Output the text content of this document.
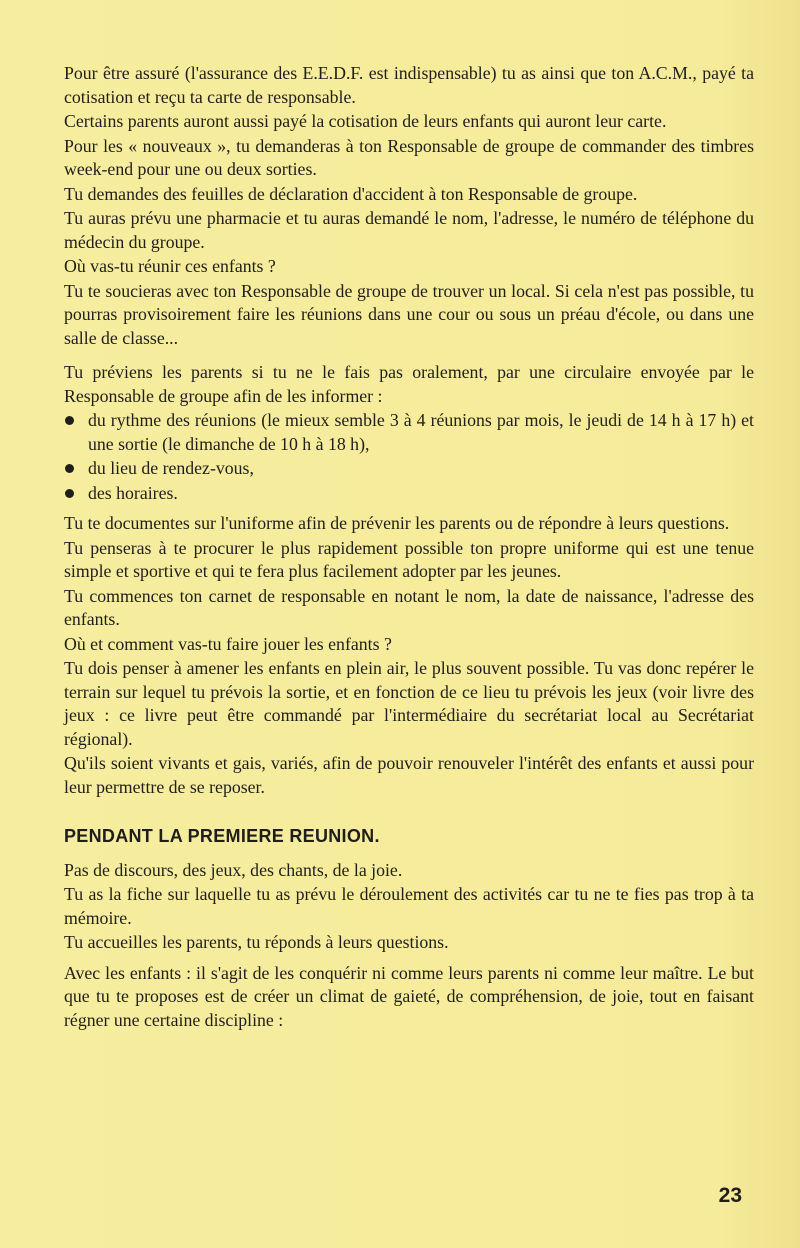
Pour être assuré (l'assurance des E.E.D.F. est indispensable) tu as ainsi que ton A.C.M., payé ta cotisation et reçu ta carte de responsable.

Certains parents auront aussi payé la cotisation de leurs enfants qui auront leur carte.

Pour les « nouveaux », tu demanderas à ton Responsable de groupe de commander des timbres week-end pour une ou deux sorties.

Tu demandes des feuilles de déclaration d'accident à ton Responsable de groupe.

Tu auras prévu une pharmacie et tu auras demandé le nom, l'adresse, le numéro de téléphone du médecin du groupe.

Où vas-tu réunir ces enfants ?

Tu te soucieras avec ton Responsable de groupe de trouver un local. Si cela n'est pas possible, tu pourras provisoirement faire les réunions dans une cour ou sous un préau d'école, ou dans une salle de classe...

Tu préviens les parents si tu ne le fais pas oralement, par une circulaire envoyée par le Responsable de groupe afin de les informer :

du rythme des réunions (le mieux semble 3 à 4 réunions par mois, le jeudi de 14 h à 17 h) et une sortie (le dimanche de 10 h à 18 h),
du lieu de rendez-vous,
des horaires.

Tu te documentes sur l'uniforme afin de prévenir les parents ou de répondre à leurs questions.

Tu penseras à te procurer le plus rapidement possible ton propre uniforme qui est une tenue simple et sportive et qui te fera plus facilement adopter par les jeunes.

Tu commences ton carnet de responsable en notant le nom, la date de naissance, l'adresse des enfants.

Où et comment vas-tu faire jouer les enfants ?

Tu dois penser à amener les enfants en plein air, le plus souvent possible. Tu vas donc repérer le terrain sur lequel tu prévois la sortie, et en fonction de ce lieu tu prévois les jeux (voir livre des jeux : ce livre peut être commandé par l'intermédiaire du secrétariat local au Secrétariat régional).

Qu'ils soient vivants et gais, variés, afin de pouvoir renouveler l'intérêt des enfants et aussi pour leur permettre de se reposer.

PENDANT LA PREMIERE REUNION.

Pas de discours, des jeux, des chants, de la joie.

Tu as la fiche sur laquelle tu as prévu le déroulement des activités car tu ne te fies pas trop à ta mémoire.

Tu accueilles les parents, tu réponds à leurs questions.

Avec les enfants : il s'agit de les conquérir ni comme leurs parents ni comme leur maître. Le but que tu te proposes est de créer un climat de gaieté, de compréhension, de joie, tout en faisant régner une certaine discipline :

23
